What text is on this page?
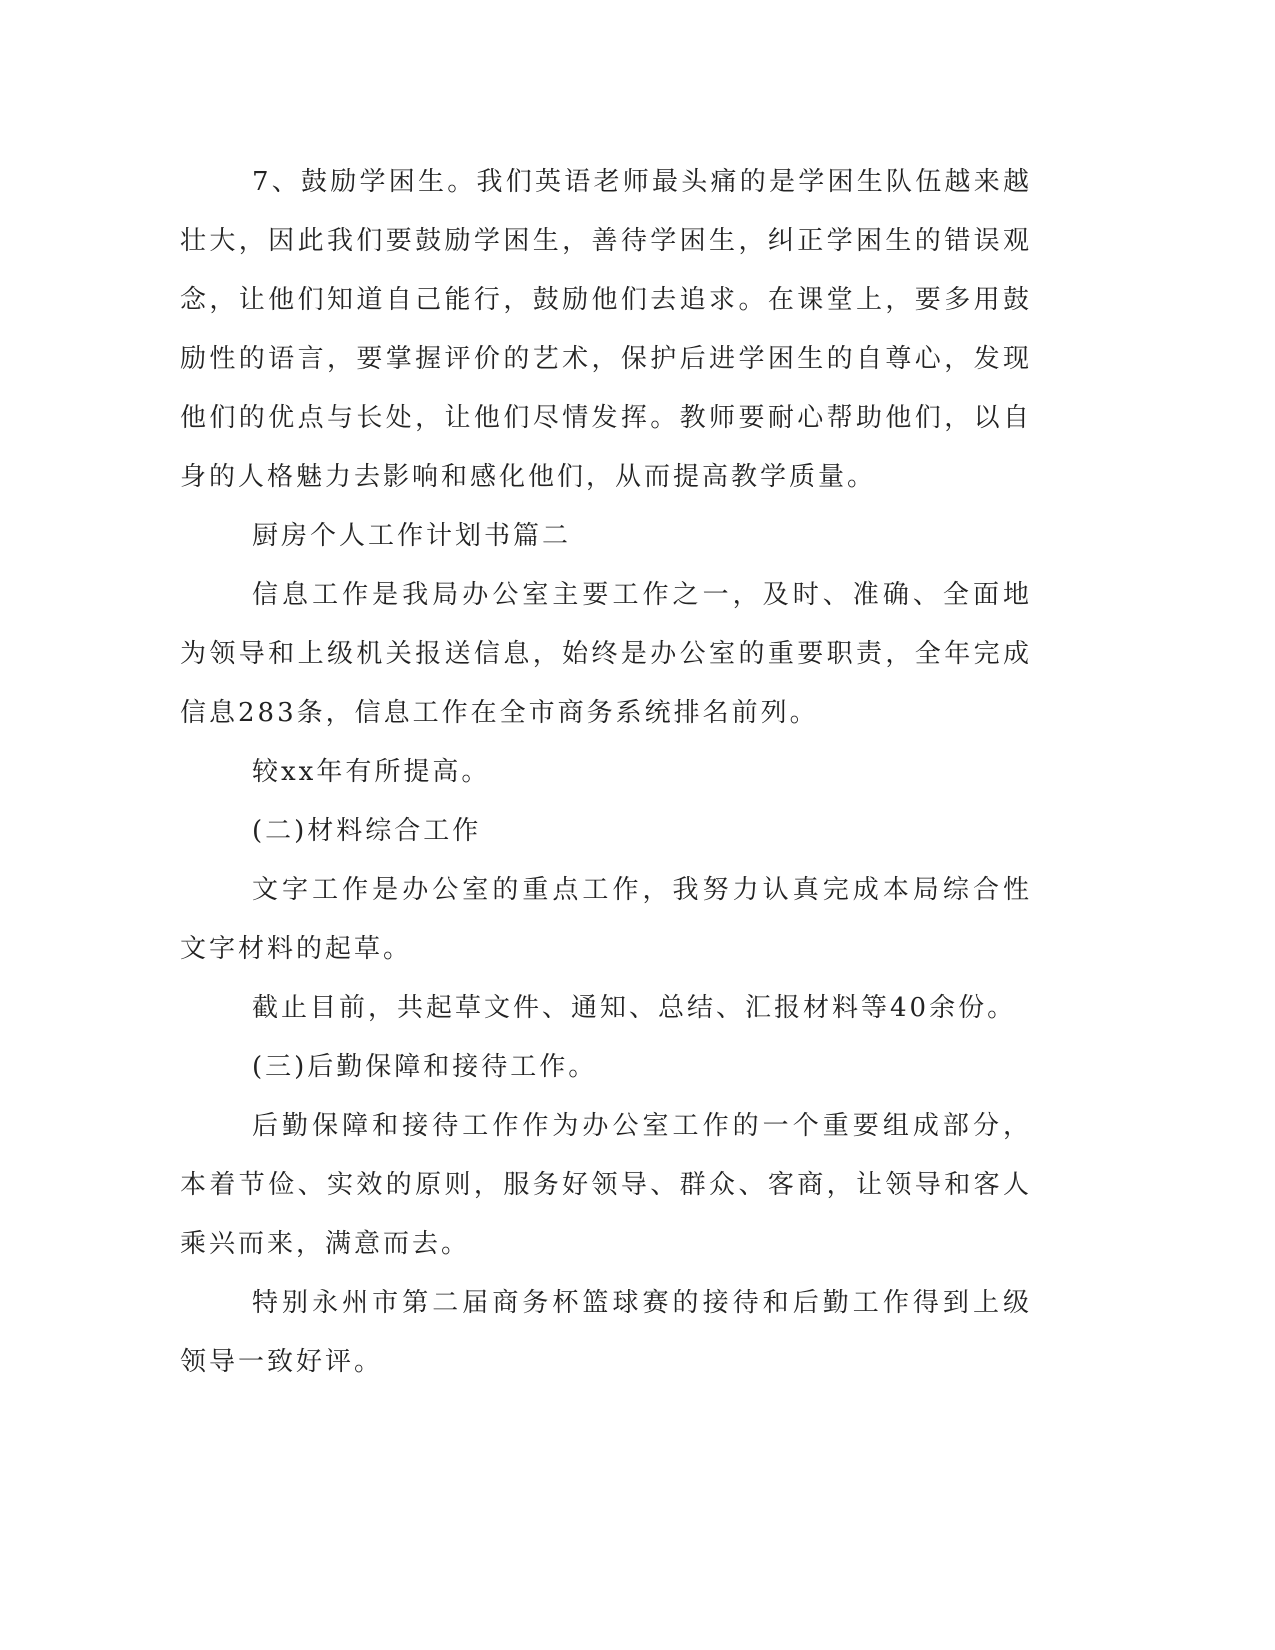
7、鼓励学困生。我们英语老师最头痛的是学困生队伍越来越壮大，因此我们要鼓励学困生，善待学困生，纠正学困生的错误观念，让他们知道自己能行，鼓励他们去追求。在课堂上，要多用鼓励性的语言，要掌握评价的艺术，保护后进学困生的自尊心，发现他们的优点与长处，让他们尽情发挥。教师要耐心帮助他们，以自身的人格魅力去影响和感化他们，从而提高教学质量。

厨房个人工作计划书篇二

信息工作是我局办公室主要工作之一，及时、准确、全面地为领导和上级机关报送信息，始终是办公室的重要职责，全年完成信息283条，信息工作在全市商务系统排名前列。

较xx年有所提高。

(二)材料综合工作

文字工作是办公室的重点工作，我努力认真完成本局综合性文字材料的起草。

截止目前，共起草文件、通知、总结、汇报材料等40余份。

(三)后勤保障和接待工作。

后勤保障和接待工作作为办公室工作的一个重要组成部分，本着节俭、实效的原则，服务好领导、群众、客商，让领导和客人乘兴而来，满意而去。

特别永州市第二届商务杯篮球赛的接待和后勤工作得到上级领导一致好评。
